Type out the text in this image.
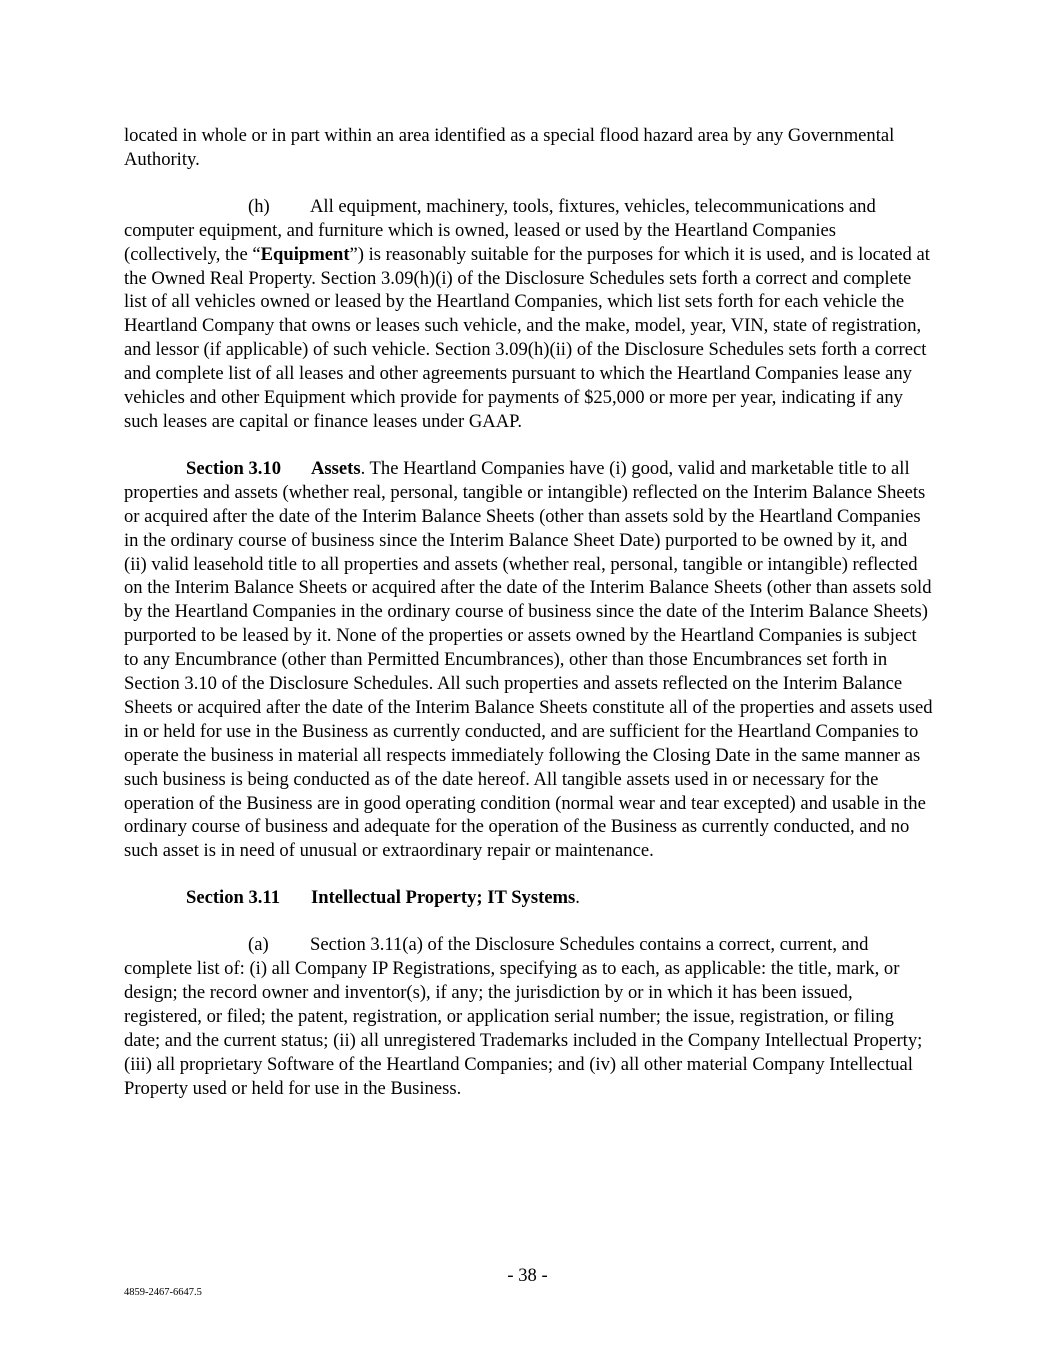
located in whole or in part within an area identified as a special flood hazard area by any Governmental Authority.

(h) All equipment, machinery, tools, fixtures, vehicles, telecommunications and computer equipment, and furniture which is owned, leased or used by the Heartland Companies (collectively, the “Equipment”) is reasonably suitable for the purposes for which it is used, and is located at the Owned Real Property. Section 3.09(h)(i) of the Disclosure Schedules sets forth a correct and complete list of all vehicles owned or leased by the Heartland Companies, which list sets forth for each vehicle the Heartland Company that owns or leases such vehicle, and the make, model, year, VIN, state of registration, and lessor (if applicable) of such vehicle. Section 3.09(h)(ii) of the Disclosure Schedules sets forth a correct and complete list of all leases and other agreements pursuant to which the Heartland Companies lease any vehicles and other Equipment which provide for payments of $25,000 or more per year, indicating if any such leases are capital or finance leases under GAAP.

Section 3.10 Assets. The Heartland Companies have (i) good, valid and marketable title to all properties and assets (whether real, personal, tangible or intangible) reflected on the Interim Balance Sheets or acquired after the date of the Interim Balance Sheets (other than assets sold by the Heartland Companies in the ordinary course of business since the Interim Balance Sheet Date) purported to be owned by it, and (ii) valid leasehold title to all properties and assets (whether real, personal, tangible or intangible) reflected on the Interim Balance Sheets or acquired after the date of the Interim Balance Sheets (other than assets sold by the Heartland Companies in the ordinary course of business since the date of the Interim Balance Sheets) purported to be leased by it. None of the properties or assets owned by the Heartland Companies is subject to any Encumbrance (other than Permitted Encumbrances), other than those Encumbrances set forth in Section 3.10 of the Disclosure Schedules. All such properties and assets reflected on the Interim Balance Sheets or acquired after the date of the Interim Balance Sheets constitute all of the properties and assets used in or held for use in the Business as currently conducted, and are sufficient for the Heartland Companies to operate the business in material all respects immediately following the Closing Date in the same manner as such business is being conducted as of the date hereof. All tangible assets used in or necessary for the operation of the Business are in good operating condition (normal wear and tear excepted) and usable in the ordinary course of business and adequate for the operation of the Business as currently conducted, and no such asset is in need of unusual or extraordinary repair or maintenance.

Section 3.11 Intellectual Property; IT Systems.

(a) Section 3.11(a) of the Disclosure Schedules contains a correct, current, and complete list of: (i) all Company IP Registrations, specifying as to each, as applicable: the title, mark, or design; the record owner and inventor(s), if any; the jurisdiction by or in which it has been issued, registered, or filed; the patent, registration, or application serial number; the issue, registration, or filing date; and the current status; (ii) all unregistered Trademarks included in the Company Intellectual Property; (iii) all proprietary Software of the Heartland Companies; and (iv) all other material Company Intellectual Property used or held for use in the Business.

- 38 -
4859-2467-6647.5
